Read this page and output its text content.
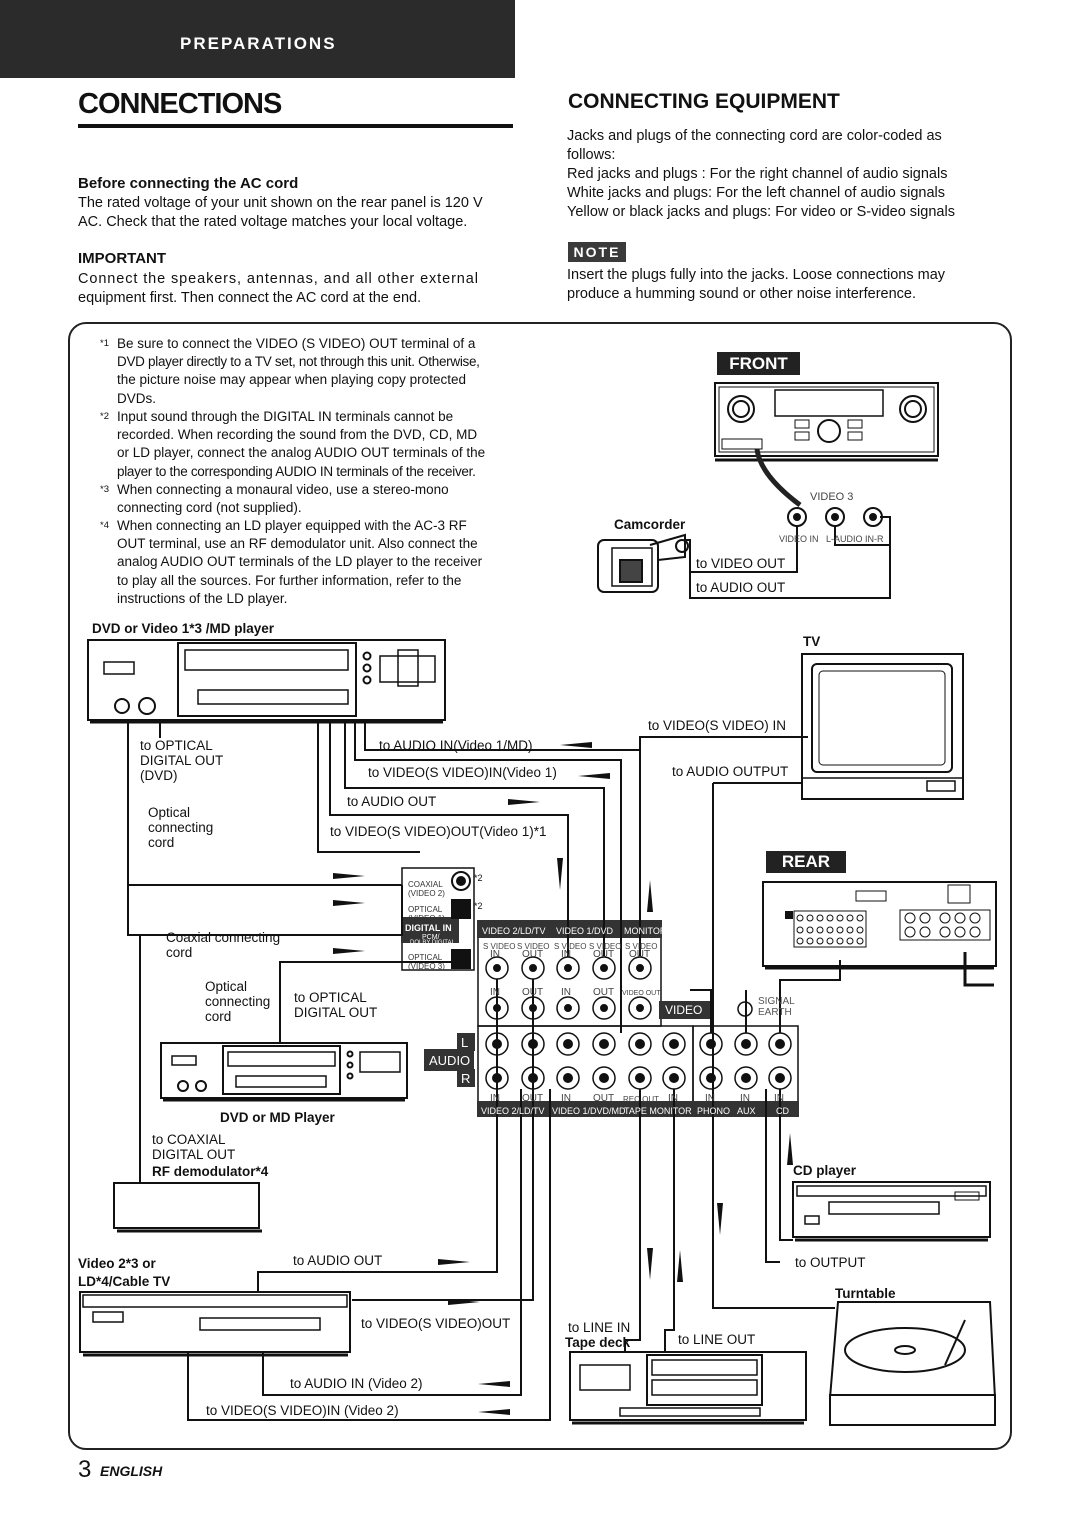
PREPARATIONS
CONNECTIONS
Before connecting the AC cord
The rated voltage of your unit shown on the rear panel is 120 V
AC. Check that the rated voltage matches your local voltage.
IMPORTANT
Connect the speakers, antennas, and all other external
equipment first. Then connect the AC cord at the end.
CONNECTING EQUIPMENT
Jacks and plugs of the connecting cord are color-coded as
follows:
Red jacks and plugs : For the right channel of audio signals
White jacks and plugs: For the left channel of audio signals
Yellow or black jacks and plugs: For video or S-video signals
NOTE
Insert the plugs fully into the jacks. Loose connections may
produce a humming sound or other noise interference.
*1 Be sure to connect the VIDEO (S VIDEO) OUT terminal of a
DVD player directly to a TV set, not through this unit. Otherwise,
the picture noise may appear when playing copy protected
DVDs.
*2 Input sound through the DIGITAL IN terminals cannot be
recorded. When recording the sound from the DVD, CD, MD
or LD player, connect the analog AUDIO OUT terminals of the
player to the corresponding AUDIO IN terminals of the receiver.
*3 When connecting a monaural video, use a stereo-mono
connecting cord (not supplied).
*4 When connecting an LD player equipped with the AC-3 RF
OUT terminal, use an RF demodulator unit. Also connect the
analog AUDIO OUT terminals of the LD player to the receiver
to play all the sources. For further information, refer to the
instructions of the LD player.
FRONT
REAR
DVD or Video 1*3 /MD player
Camcorder
VIDEO 3
VIDEO IN L-AUDIO IN-R
to VIDEO OUT
to AUDIO OUT
TV
to VIDEO(S VIDEO) IN
to AUDIO OUTPUT
to OPTICAL
DIGITAL OUT
(DVD)
to AUDIO IN(Video 1/MD)
to VIDEO(S VIDEO)IN(Video 1)
to AUDIO OUT
to VIDEO(S VIDEO)OUT(Video 1)*1
Optical
connecting
cord
Coaxial connecting
cord
Optical
connecting
cord
to OPTICAL
DIGITAL OUT
COAXIAL
(VIDEO 2)
OPTICAL
(VIDEO 1)
DIGITAL IN
PCM/
DOLBY DIGITAL
OPTICAL
(VIDEO 3)
*2
*2
VIDEO 2/LD/TV VIDEO 1/DVD MONITOR
S VIDEO S VIDEO S VIDEO S VIDEO S VIDEO
IN OUT IN OUT OUT
IN OUT IN OUT VIDEO OUT
VIDEO
SIGNAL
EARTH
L
AUDIO
R
IN OUT IN OUT REC OUT IN	IN	IN IN
VIDEO 2/LD/TV VIDEO 1/DVD/MD
TAPE MONITOR PHONO AUX CD
DVD or MD Player
to COAXIAL
DIGITAL OUT
RF demodulator*4
Video 2*3 or
LD*4/Cable TV
to AUDIO OUT
to VIDEO(S VIDEO)OUT
to AUDIO IN (Video 2)
to VIDEO(S VIDEO)IN (Video 2)
to LINE IN
Tape deck	to LINE OUT
CD player
to OUTPUT
Turntable
3 ENGLISH
